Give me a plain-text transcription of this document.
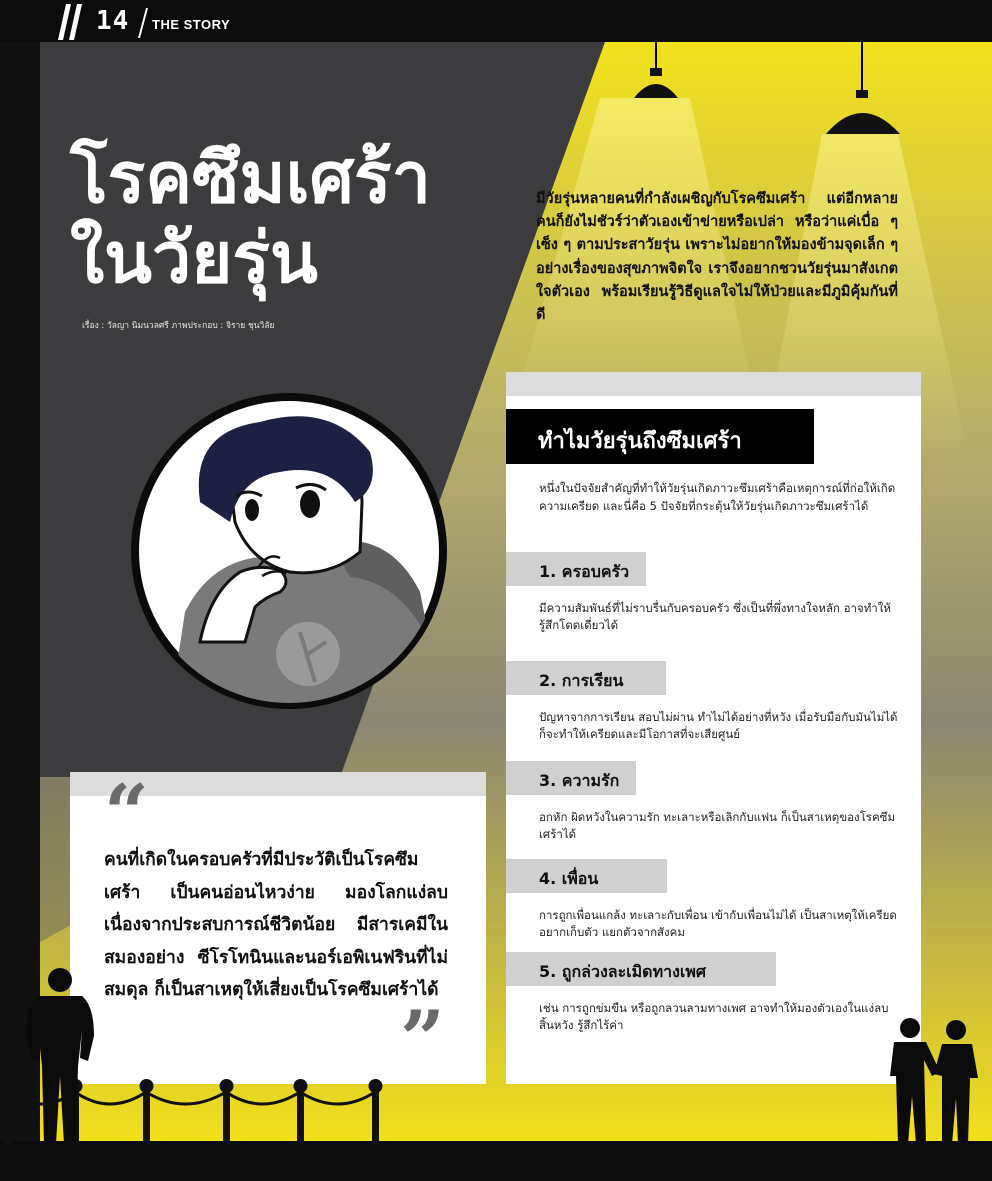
14 THE STORY
โรคซึมเศร้า
ในวัยรุ่น
เรื่อง : วัลญา นิมนวลศรี ภาพประกอบ : จิราย ชุนวิลัย
มีวัยรุ่นหลายคนที่กำลังเผชิญกับโรคซึมเศร้า แต่อีกหลายคนก็ยังไม่ชัวร์ว่าตัวเองเข้าข่ายหรือเปล่า หรือว่าแค่เบื่อ ๆ เซ็ง ๆ ตามประสาวัยรุ่น เพราะไม่อยากให้มองข้ามจุดเล็ก ๆ อย่างเรื่องของสุขภาพจิตใจ เราจึงอยากชวนวัยรุ่นมาสังเกตใจตัวเอง พร้อมเรียนรู้วิธีดูแลใจไม่ให้ป่วยและมีภูมิคุ้มกันที่ดี
ทำไมวัยรุ่นถึงซึมเศร้า
หนึ่งในปัจจัยสำคัญที่ทำให้วัยรุ่นเกิดภาวะซึมเศร้าคือเหตุการณ์ที่ก่อให้เกิดความเครียด และนี่คือ 5 ปัจจัยที่กระตุ้นให้วัยรุ่นเกิดภาวะซึมเศร้าได้
1. ครอบครัว
มีความสัมพันธ์ที่ไม่ราบรื่นกับครอบครัว ซึ่งเป็นที่พึ่งทางใจหลัก อาจทำให้รู้สึกโดดเดี่ยวได้
2. การเรียน
ปัญหาจากการเรียน สอบไม่ผ่าน ทำไม่ได้อย่างที่หวัง เมื่อรับมือกับมันไม่ได้ก็จะทำให้เครียดและมีโอกาสที่จะเสียศูนย์
3. ความรัก
อกหัก ผิดหวังในความรัก ทะเลาะหรือเลิกกับแฟน ก็เป็นสาเหตุของโรคซึมเศร้าได้
4. เพื่อน
การถูกเพื่อนแกล้ง ทะเลาะกับเพื่อน เข้ากับเพื่อนไม่ได้ เป็นสาเหตุให้เครียด อยากเก็บตัว แยกตัวจากสังคม
5. ถูกล่วงละเมิดทางเพศ
เช่น การถูกข่มขืน หรือถูกลวนลามทางเพศ อาจทำให้มองตัวเองในแง่ลบ สิ้นหวัง รู้สึกไร้ค่า
“
คนที่เกิดในครอบครัวที่มีประวัติเป็นโรคซึมเศร้า เป็นคนอ่อนไหวง่าย มองโลกแง่ลบเนื่องจากประสบการณ์ชีวิตน้อย มีสารเคมีในสมองอย่าง ซีโรโทนินและนอร์เอพิเนฟรินที่ไม่สมดุล ก็เป็นสาเหตุให้เสี่ยงเป็นโรคซึมเศร้าได้
”
